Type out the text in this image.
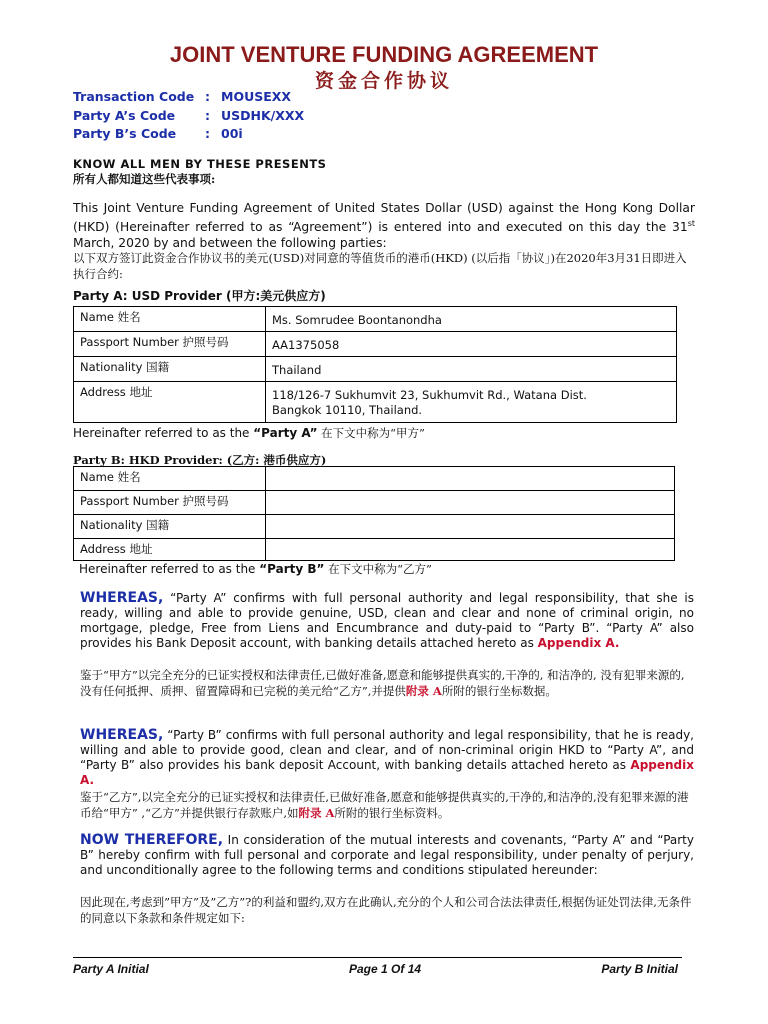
JOINT VENTURE FUNDING AGREEMENT
资金合作协议
Transaction Code : MOUSEXX
Party A’s Code : USDHK/XXX
Party B’s Code : 00i
KNOW ALL MEN BY THESE PRESENTS
所有人都知道这些代表事项:
This Joint Venture Funding Agreement of United States Dollar (USD) against the Hong Kong Dollar (HKD) (Hereinafter referred to as “Agreement”) is entered into and executed on this day the 31st March, 2020 by and between the following parties:
以下双方签订此资金合作协议书的美元(USD)对同意的等值货币的港币(HKD) (以后指「协议」)在2020年3月31日即进入执行合约:
Party A: USD Provider (甲方:美元供应方)
Name 姓名	Ms. Somrudee Boontanondha
Passport Number 护照号码	AA1375058
Nationality 国籍	Thailand
Address 地址	118/126-7 Sukhumvit 23, Sukhumvit Rd., Watana Dist. Bangkok 10110, Thailand.
Hereinafter referred to as the “Party A” 在下文中称为“甲方”
Party B: HKD Provider: (乙方: 港币供应方)
Name 姓名	
Passport Number 护照号码	
Nationality 国籍	
Address 地址	
Hereinafter referred to as the “Party B” 在下文中称为“乙方”
WHEREAS, “Party A” confirms with full personal authority and legal responsibility, that she is ready, willing and able to provide genuine, USD, clean and clear and none of criminal origin, no mortgage, pledge, Free from Liens and Encumbrance and duty-paid to “Party B”. “Party A” also provides his Bank Deposit account, with banking details attached hereto as Appendix A.
鉴于“甲方”以完全充分的已证实授权和法律责任,已做好准备,愿意和能够提供真实的,干净的, 和洁净的, 没有犯罪来源的, 没有任何抵押、质押、留置障碍和已完税的美元给“乙方”,并提供附录 A所附的银行坐标数据。
WHEREAS, “Party B” confirms with full personal authority and legal responsibility, that he is ready, willing and able to provide good, clean and clear, and of non-criminal origin HKD to “Party A”, and “Party B” also provides his bank deposit Account, with banking details attached hereto as Appendix A.
鉴于“乙方”,以完全充分的已证实授权和法律责任,已做好准备,愿意和能够提供真实的,干净的,和洁净的,没有犯罪来源的港币给“甲方” ,“乙方”并提供银行存款账户,如附录 A所附的银行坐标资料。
NOW THEREFORE, In consideration of the mutual interests and covenants, “Party A” and “Party B” hereby confirm with full personal and corporate and legal responsibility, under penalty of perjury, and unconditionally agree to the following terms and conditions stipulated hereunder:
因此现在,考虑到”甲方”及”乙方”?的利益和盟约,双方在此确认,充分的个人和公司合法法律责任,根据伪证处罚法律,无条件的同意以下条款和条件规定如下:
Party A Initial	Page 1 Of 14	Party B Initial
